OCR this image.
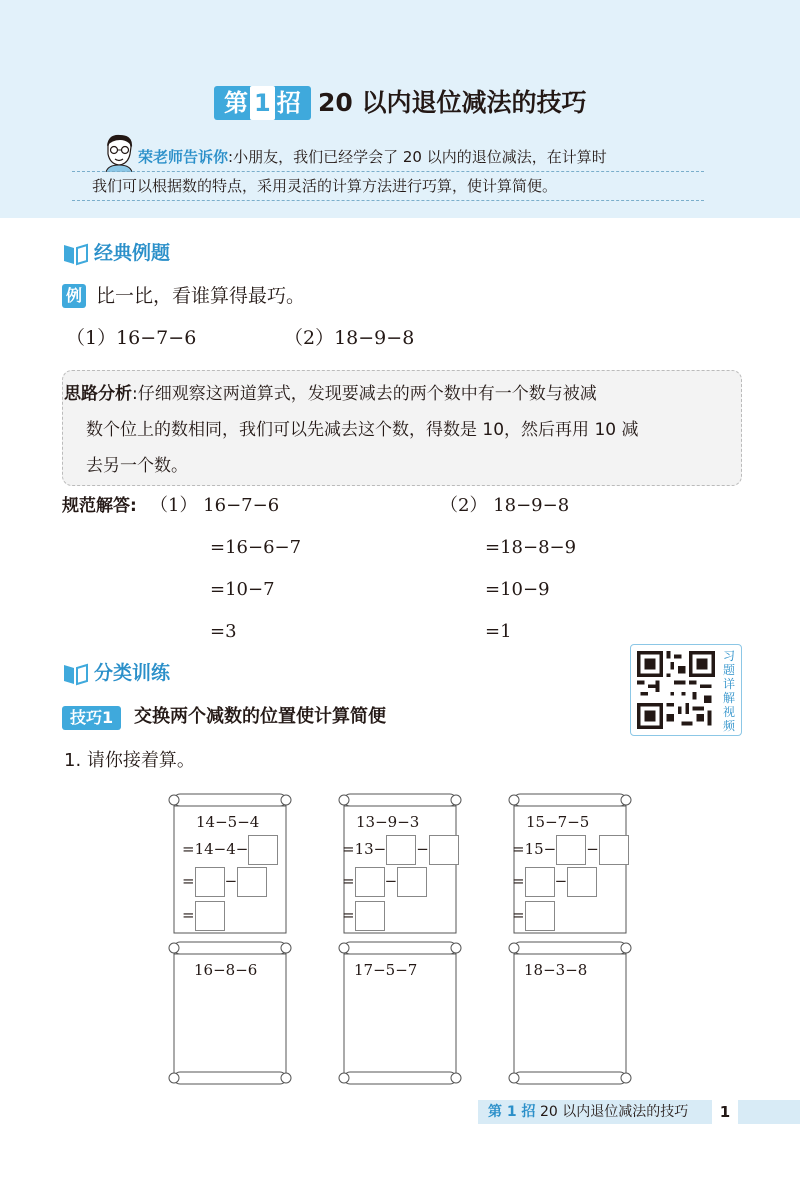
第 1 招 20 以内退位减法的技巧
荣老师告诉你:小朋友，我们已经学会了 20 以内的退位减法，在计算时
我们可以根据数的特点，采用灵活的计算方法进行巧算，使计算简便。
经典例题
例 比一比，看谁算得最巧。
（1）16−7−6	（2）18−9−8
思路分析:仔细观察这两道算式，发现要减去的两个数中有一个数与被减
数个位上的数相同，我们可以先减去这个数，得数是 10，然后再用 10 减
去另一个数。
规范解答: （1） 16−7−6
=16−6−7
=10−7
=3
（2） 18−9−8
=18−8−9
=10−9
=1
分类训练
习题详解视频
技巧1	交换两个减数的位置使计算简便
1. 请你接着算。
14−5−4
=14−4−
= −
=
13−9−3
=13− −
= −
=
15−7−5
=15− −
= −
=
16−8−6	17−5−7	18−3−8
第 1 招 20 以内退位减法的技巧	1
